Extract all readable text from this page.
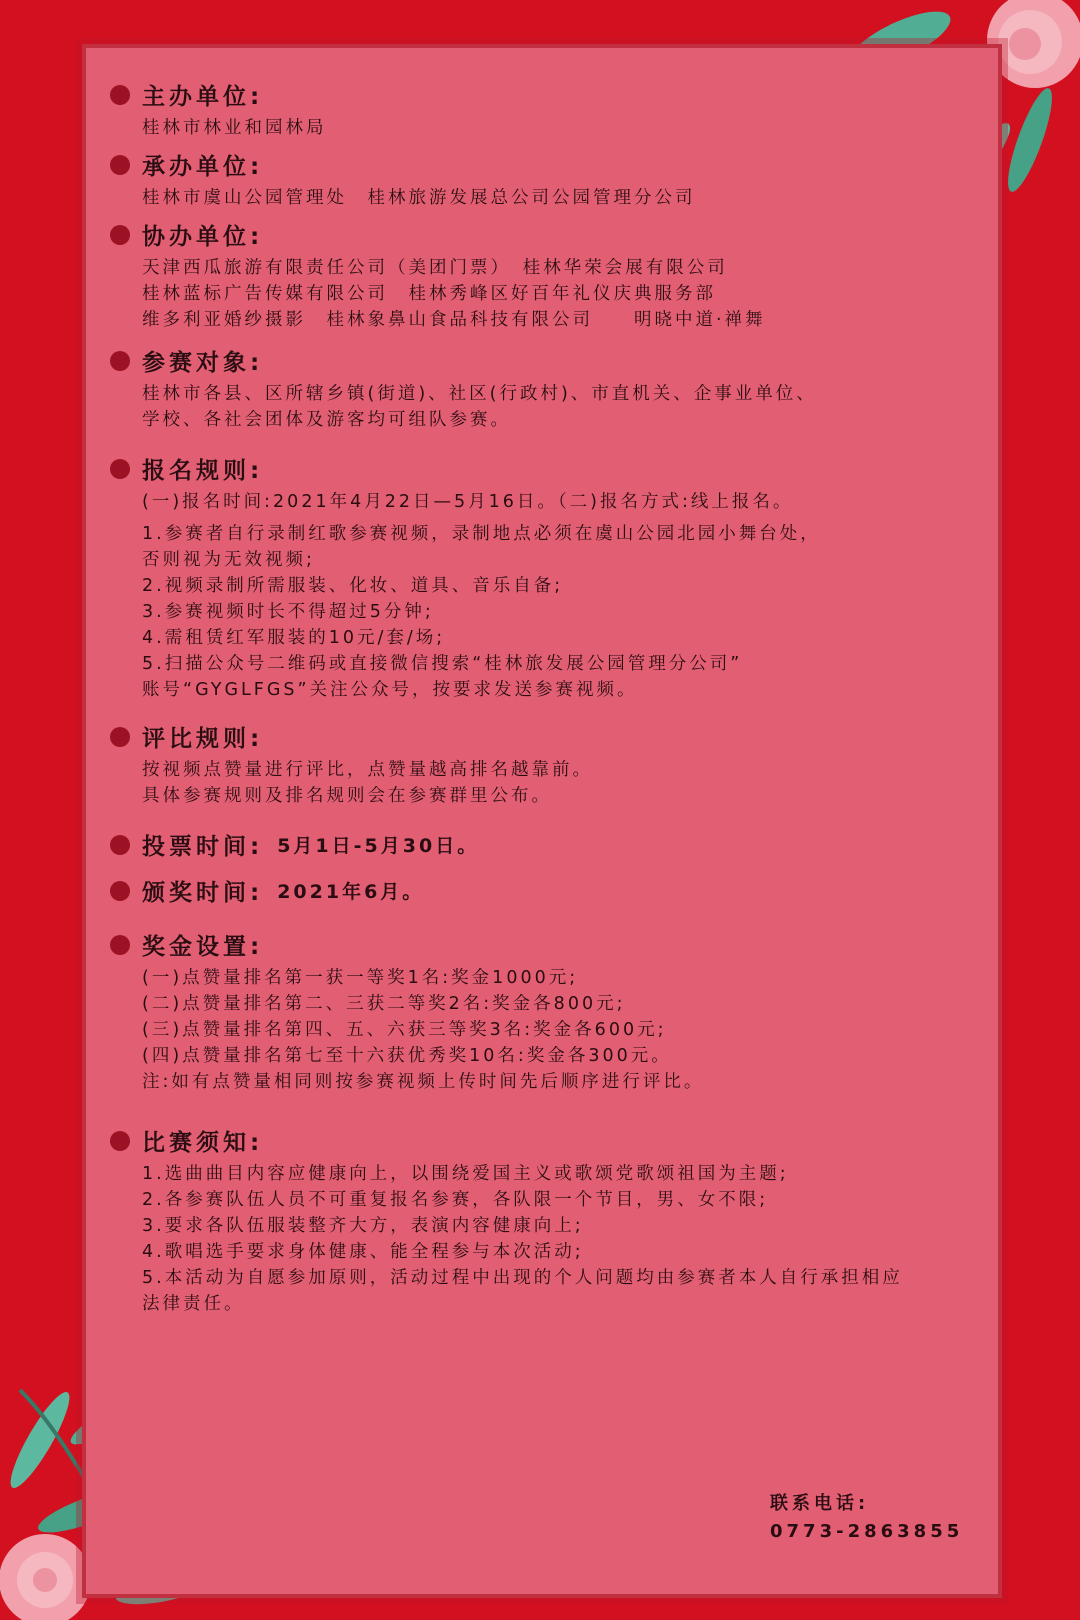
主办单位:
桂林市林业和园林局
承办单位:
桂林市虞山公园管理处　桂林旅游发展总公司公园管理分公司
协办单位:
天津西瓜旅游有限责任公司（美团门票）　桂林华荣会展有限公司
桂林蓝标广告传媒有限公司　桂林秀峰区好百年礼仪庆典服务部
维多利亚婚纱摄影　桂林象鼻山食品科技有限公司　　明晓中道·禅舞
参赛对象:
桂林市各县、区所辖乡镇(街道)、社区(行政村)、市直机关、企事业单位、
学校、各社会团体及游客均可组队参赛。
报名规则:
(一)报名时间:2021年4月22日—5月16日。（二)报名方式:线上报名。
1.参赛者自行录制红歌参赛视频，录制地点必须在虞山公园北园小舞台处，
否则视为无效视频;
2.视频录制所需服装、化妆、道具、音乐自备;
3.参赛视频时长不得超过5分钟;
4.需租赁红军服装的10元/套/场;
5.扫描公众号二维码或直接微信搜索“桂林旅发展公园管理分公司”
账号“GYGLFGS”关注公众号，按要求发送参赛视频。
评比规则:
按视频点赞量进行评比，点赞量越高排名越靠前。
具体参赛规则及排名规则会在参赛群里公布。
投票时间: 5月1日-5月30日。
颁奖时间: 2021年6月。
奖金设置:
(一)点赞量排名第一获一等奖1名:奖金1000元;
(二)点赞量排名第二、三获二等奖2名:奖金各800元;
(三)点赞量排名第四、五、六获三等奖3名:奖金各600元;
(四)点赞量排名第七至十六获优秀奖10名:奖金各300元。
注:如有点赞量相同则按参赛视频上传时间先后顺序进行评比。
比赛须知:
1.选曲曲目内容应健康向上，以围绕爱国主义或歌颂党歌颂祖国为主题;
2.各参赛队伍人员不可重复报名参赛，各队限一个节目，男、女不限;
3.要求各队伍服装整齐大方，表演内容健康向上;
4.歌唱选手要求身体健康、能全程参与本次活动;
5.本活动为自愿参加原则，活动过程中出现的个人问题均由参赛者本人自行承担相应
法律责任。
联系电话:
0773-2863855
